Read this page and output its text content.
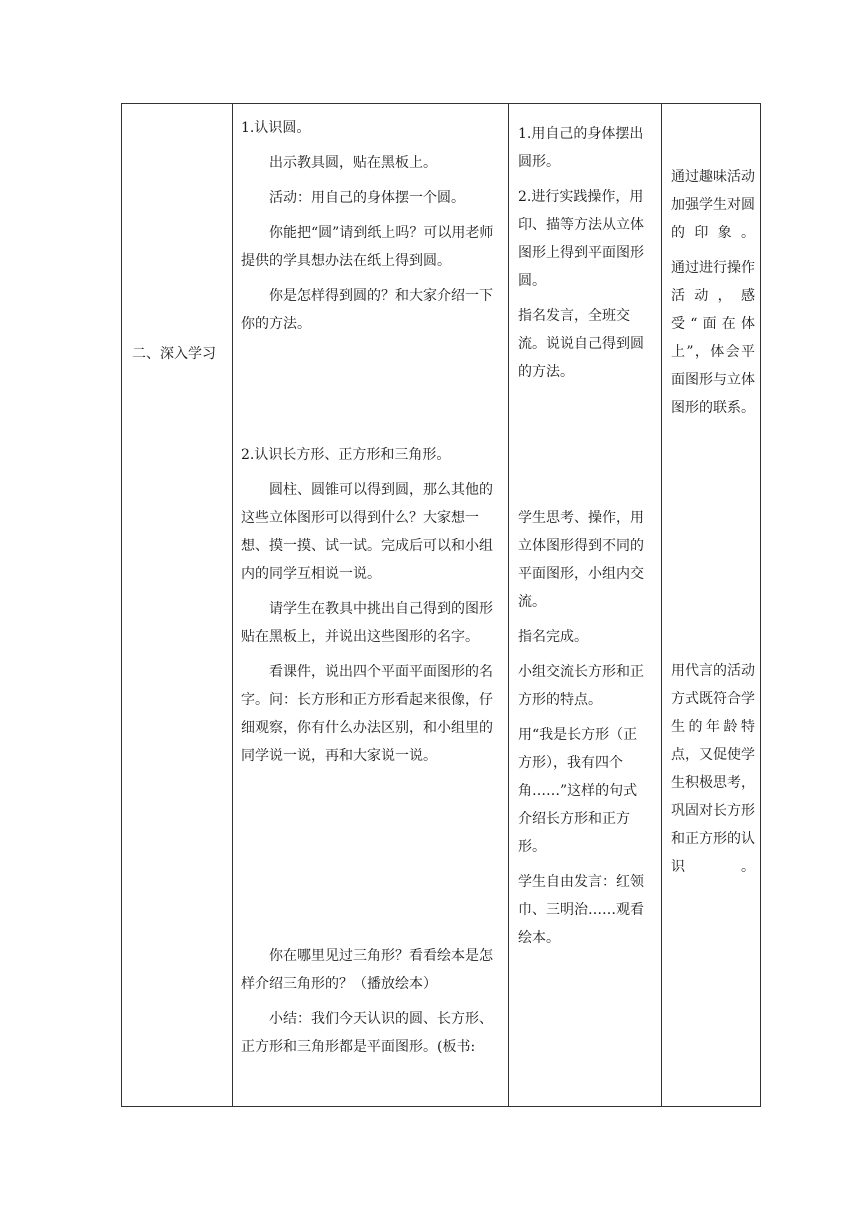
二、深入学习

1.认识圆。

出示教具圆，贴在黑板上。

活动：用自己的身体摆一个圆。

你能把“圆”请到纸上吗？可以用老师提供的学具想办法在纸上得到圆。

你是怎样得到圆的？和大家介绍一下你的方法。

2.认识长方形、正方形和三角形。

圆柱、圆锥可以得到圆，那么其他的这些立体图形可以得到什么？大家想一想、摸一摸、试一试。完成后可以和小组内的同学互相说一说。

请学生在教具中挑出自己得到的图形贴在黑板上，并说出这些图形的名字。

看课件，说出四个平面平面图形的名字。问：长方形和正方形看起来很像，仔细观察，你有什么办法区别，和小组里的同学说一说，再和大家说一说。

你在哪里见过三角形？看看绘本是怎样介绍三角形的？（播放绘本）

小结：我们今天认识的圆、长方形、正方形和三角形都是平面图形。(板书:

1.用自己的身体摆出圆形。

2.进行实践操作，用印、描等方法从立体图形上得到平面图形圆。

指名发言，全班交流。说说自己得到圆的方法。

学生思考、操作，用立体图形得到不同的平面图形，小组内交流。

指名完成。

小组交流长方形和正方形的特点。

用“我是长方形（正方形），我有四个角……”这样的句式介绍长方形和正方形。

学生自由发言：红领巾、三明治……观看绘本。

通过趣味活动加强学生对圆的印象。

通过进行操作活动，感受“面在体上”，体会平面图形与立体图形的联系。

用代言的活动方式既符合学生的年龄特点，又促使学生积极思考，巩固对长方形和正方形的认识。
